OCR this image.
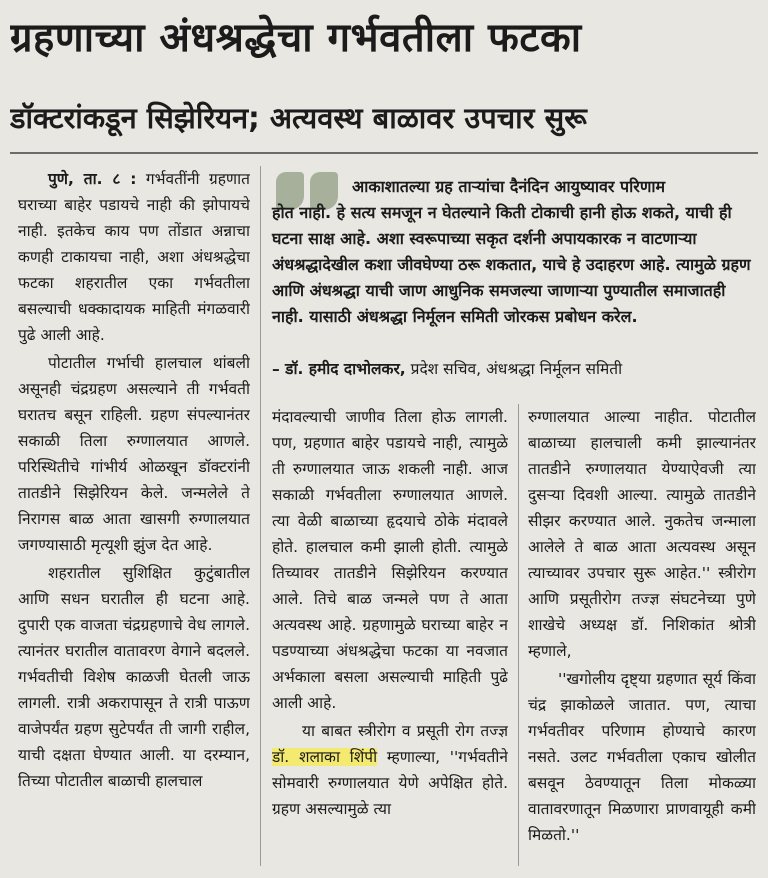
ग्रहणाच्या अंधश्रद्धेचा गर्भवतीला फटका
डॉक्टरांकडून सिझेरियन; अत्यवस्थ बाळावर उपचार सुरू

पुणे, ता. ८ : गर्भवतींनी ग्रहणात घराच्या बाहेर पडायचे नाही की झोपायचे नाही. इतकेच काय पण तोंडात अन्नाचा कणही टाकायचा नाही, अशा अंधश्रद्धेचा फटका शहरातील एका गर्भवतीला बसल्याची धक्कादायक माहिती मंगळवारी पुढे आली आहे.

पोटातील गर्भाची हालचाल थांबली असूनही चंद्रग्रहण असल्याने ती गर्भवती घरातच बसून राहिली. ग्रहण संपल्यानंतर सकाळी तिला रुग्णालयात आणले. परिस्थितीचे गांभीर्य ओळखून डॉक्टरांनी तातडीने सिझेरियन केले. जन्मलेले ते निरागस बाळ आता खासगी रुग्णालयात जगण्यासाठी मृत्यूशी झुंज देत आहे.

शहरातील सुशिक्षित कुटुंबातील आणि सधन घरातील ही घटना आहे. दुपारी एक वाजता चंद्रग्रहणाचे वेध लागले. त्यानंतर घरातील वातावरण वेगाने बदलले. गर्भवतीची विशेष काळजी घेतली जाऊ लागली. रात्री अकरापासून ते रात्री पाऊण वाजेपर्यंत ग्रहण सुटेपर्यंत ती जागी राहील, याची दक्षता घेण्यात आली. या दरम्यान, तिच्या पोटातील बाळाची हालचाल

आकाशातल्या ग्रह ताऱ्यांचा दैनंदिन आयुष्यावर परिणाम
होत नाही. हे सत्य समजून न घेतल्याने किती टोकाची हानी होऊ शकते, याची ही घटना साक्ष आहे. अशा स्वरूपाच्या सकृत दर्शनी अपायकारक न वाटणाऱ्या अंधश्रद्धादेखील कशा जीवघेण्या ठरू शकतात, याचे हे उदाहरण आहे. त्यामुळे ग्रहण आणि अंधश्रद्धा याची जाण आधुनिक समजल्या जाणाऱ्या पुण्यातील समाजातही नाही. यासाठी अंधश्रद्धा निर्मूलन समिती जोरकस प्रबोधन करेल.
– डॉ. हमीद दाभोलकर, प्रदेश सचिव, अंधश्रद्धा निर्मूलन समिती

मंदावल्याची जाणीव तिला होऊ लागली. पण, ग्रहणात बाहेर पडायचे नाही, त्यामुळे ती रुग्णालयात जाऊ शकली नाही. आज सकाळी गर्भवतीला रुग्णालयात आणले. त्या वेळी बाळाच्या हृदयाचे ठोके मंदावले होते. हालचाल कमी झाली होती. त्यामुळे तिच्यावर तातडीने सिझेरियन करण्यात आले. तिचे बाळ जन्मले पण ते आता अत्यवस्थ आहे. ग्रहणामुळे घराच्या बाहेर न पडण्याच्या अंधश्रद्धेचा फटका या नवजात अर्भकाला बसला असल्याची माहिती पुढे आली आहे.

या बाबत स्त्रीरोग व प्रसूती रोग तज्ज्ञ डॉ. शलाका शिंपी म्हणाल्या, ''गर्भवतीने सोमवारी रुग्णालयात येणे अपेक्षित होते. ग्रहण असल्यामुळे त्या

रुग्णालयात आल्या नाहीत. पोटातील बाळाच्या हालचाली कमी झाल्यानंतर तातडीने रुग्णालयात येण्याऐवजी त्या दुसऱ्या दिवशी आल्या. त्यामुळे तातडीने सीझर करण्यात आले. नुकतेच जन्माला आलेले ते बाळ आता अत्यवस्थ असून त्याच्यावर उपचार सुरू आहेत.'' स्त्रीरोग आणि प्रसूतीरोग तज्ज्ञ संघटनेच्या पुणे शाखेचे अध्यक्ष डॉ. निशिकांत श्रोत्री म्हणाले,

''खगोलीय दृष्ट्या ग्रहणात सूर्य किंवा चंद्र झाकोळले जातात. पण, त्याचा गर्भवतीवर परिणाम होण्याचे कारण नसते. उलट गर्भवतीला एकाच खोलीत बसवून ठेवण्यातून तिला मोकळ्या वातावरणातून मिळणारा प्राणवायूही कमी मिळतो.''
